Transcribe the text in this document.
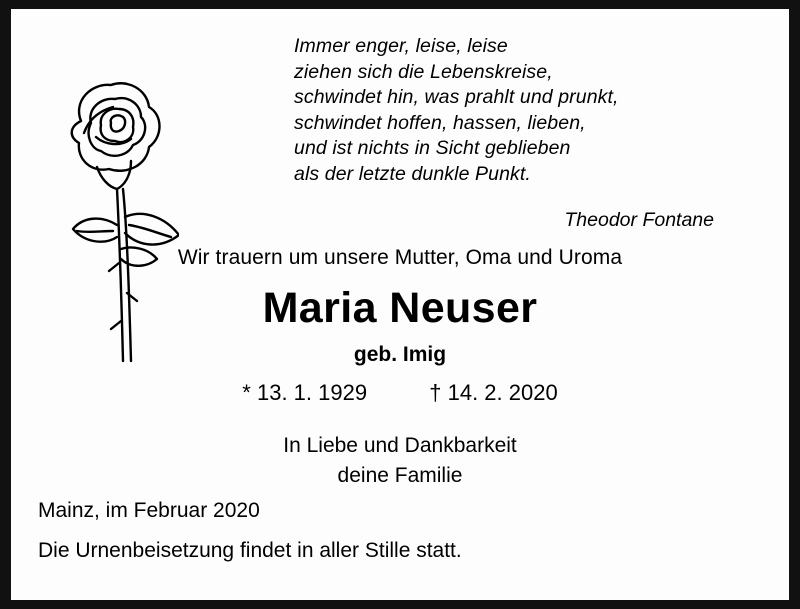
Immer enger, leise, leise
ziehen sich die Lebenskreise,
schwindet hin, was prahlt und prunkt,
schwindet hoffen, hassen, lieben,
und ist nichts in Sicht geblieben
als der letzte dunkle Punkt.
Theodor Fontane
Wir trauern um unsere Mutter, Oma und Uroma
Maria Neuser
geb. Imig
* 13. 1. 1929	† 14. 2. 2020
In Liebe und Dankbarkeit
deine Familie
Mainz, im Februar 2020
Die Urnenbeisetzung findet in aller Stille statt.
